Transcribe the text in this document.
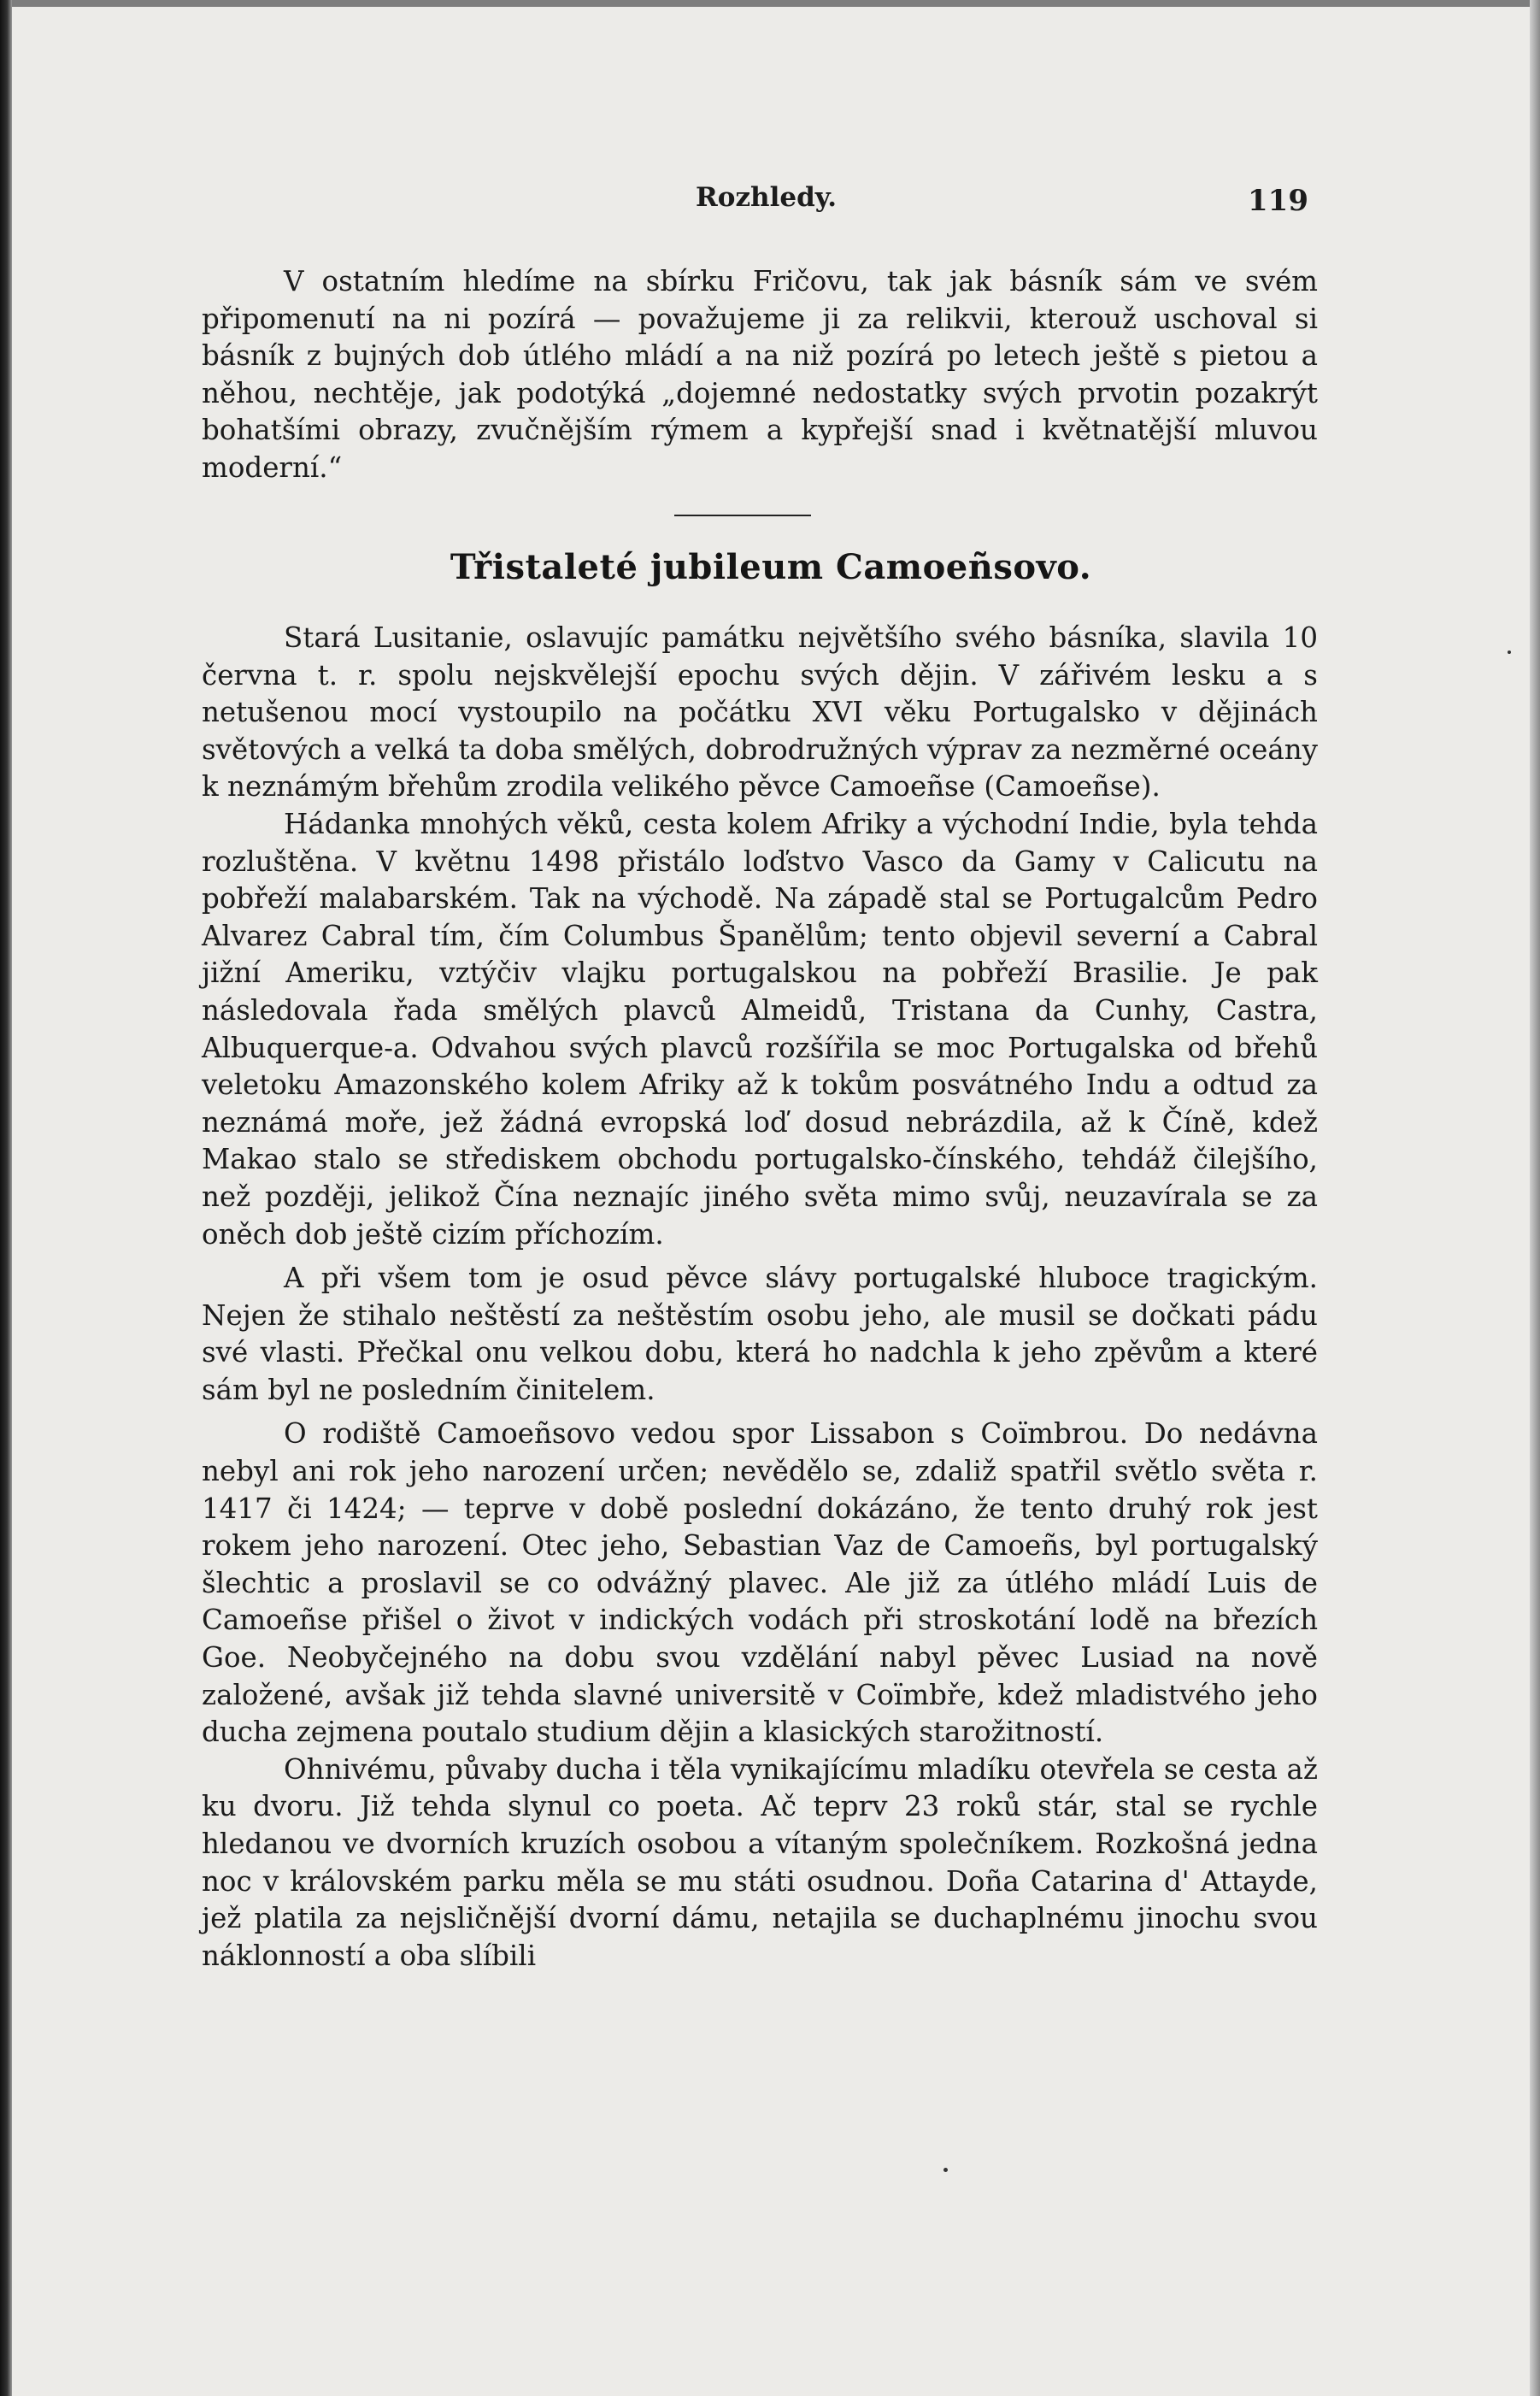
Rozhledy.	119

V ostatním hledíme na sbírku Fričovu, tak jak básník sám ve svém připomenutí na ni pozírá — považujeme ji za relikvii, kterouž uschoval si básník z bujných dob útlého mládí a na niž pozírá po letech ještě s pietou a něhou, nechtěje, jak podotýká „dojemné nedostatky svých prvotin pozakrýt bohatšími obrazy, zvučnějším rýmem a kypřejší snad i květnatější mluvou moderní.“

Třistaleté jubileum Camoeñsovo.

Stará Lusitanie, oslavujíc památku největšího svého básníka, slavila 10 června t. r. spolu nejskvělejší epochu svých dějin. V zářivém lesku a s netušenou mocí vystoupilo na počátku XVI věku Portugalsko v dějinách světových a velká ta doba smělých, dobrodružných výprav za nezměrné oceány k neznámým břehům zrodila velikého pěvce Camoeñse (Camoeñse).

Hádanka mnohých věků, cesta kolem Afriky a východní Indie, byla tehda rozluštěna. V květnu 1498 přistálo loďstvo Vasco da Gamy v Calicutu na pobřeží malabarském. Tak na východě. Na západě stal se Portugalcům Pedro Alvarez Cabral tím, čím Columbus Španělům; tento objevil severní a Cabral jižní Ameriku, vztýčiv vlajku portugalskou na pobřeží Brasilie. Je pak následovala řada smělých plavců Almeidů, Tristana da Cunhy, Castra, Albuquerque-a. Odvahou svých plavců rozšířila se moc Portugalska od břehů veletoku Amazonského kolem Afriky až k tokům posvátného Indu a odtud za neznámá moře, jež žádná evropská loď dosud nebrázdila, až k Číně, kdež Makao stalo se střediskem obchodu portugalsko-čínského, tehdáž čilejšího, než později, jelikož Čína neznajíc jiného světa mimo svůj, neuzavírala se za oněch dob ještě cizím příchozím.

A při všem tom je osud pěvce slávy portugalské hluboce tragickým. Nejen že stihalo neštěstí za neštěstím osobu jeho, ale musil se dočkati pádu své vlasti. Přečkal onu velkou dobu, která ho nadchla k jeho zpěvům a které sám byl ne posledním činitelem.

O rodiště Camoeñsovo vedou spor Lissabon s Coïmbrou. Do nedávna nebyl ani rok jeho narození určen; nevědělo se, zdaliž spatřil světlo světa r. 1417 či 1424; — teprve v době poslední dokázáno, že tento druhý rok jest rokem jeho narození. Otec jeho, Sebastian Vaz de Camoeñs, byl portugalský šlechtic a proslavil se co odvážný plavec. Ale již za útlého mládí Luis de Camoeñse přišel o život v indických vodách při stroskotání lodě na březích Goe. Neobyčejného na dobu svou vzdělání nabyl pěvec Lusiad na nově založené, avšak již tehda slavné universitě v Coïmbře, kdež mladistvého jeho ducha zejmena poutalo studium dějin a klasických starožitností.

Ohnivému, půvaby ducha i těla vynikajícímu mladíku otevřela se cesta až ku dvoru. Již tehda slynul co poeta. Ač teprv 23 roků stár, stal se rychle hledanou ve dvorních kruzích osobou a vítaným společníkem. Rozkošná jedna noc v královském parku měla se mu státi osudnou. Doña Catarina d' Attayde, jež platila za nejsličnější dvorní dámu, netajila se duchaplnému jinochu svou náklonností a oba slíbili
